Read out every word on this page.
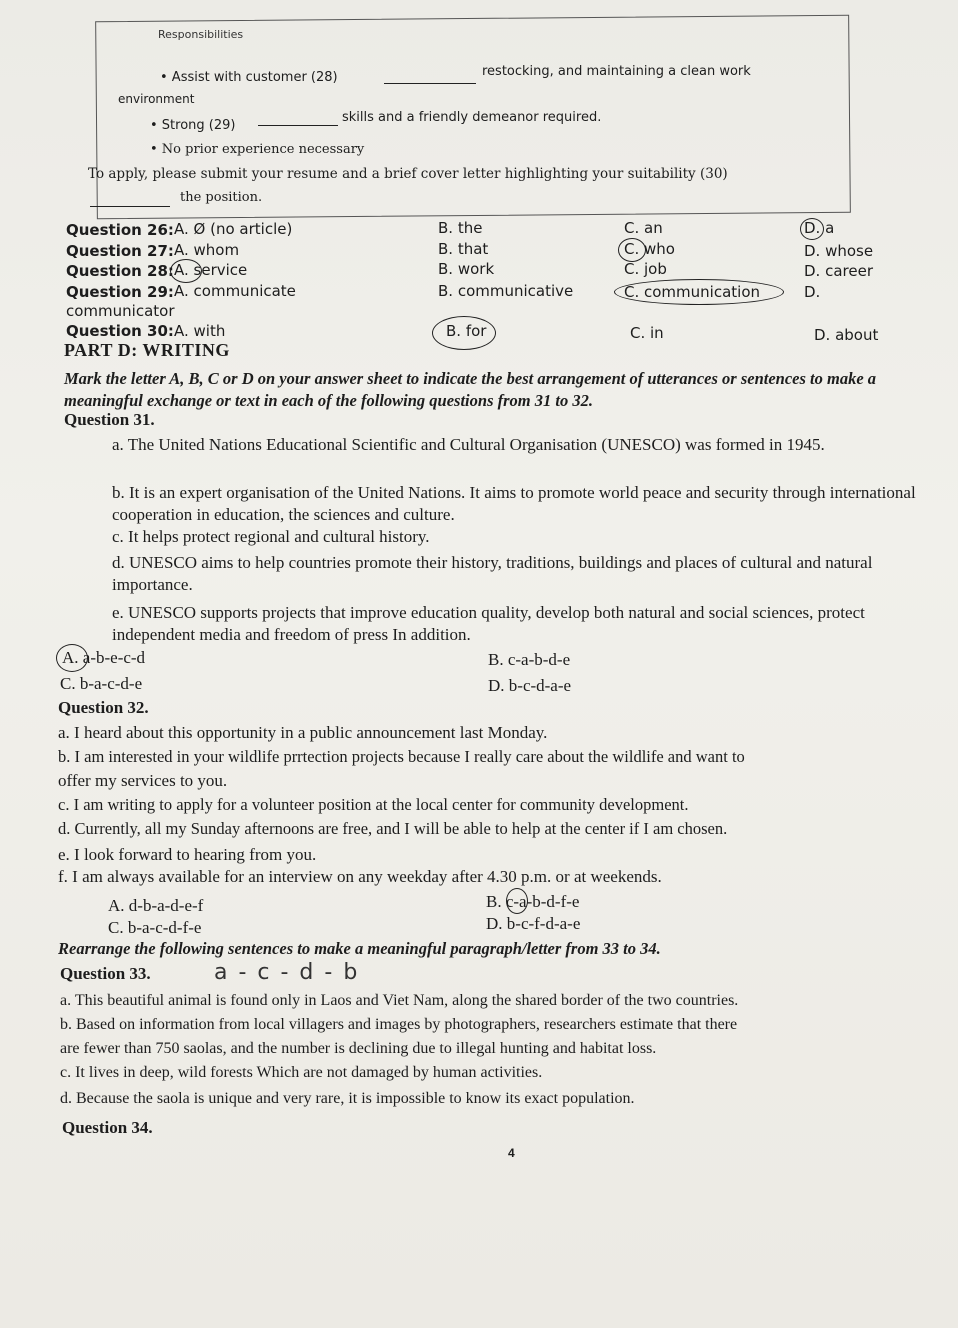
Responsibilities
• Assist with customer (28)	restocking, and maintaining a clean work
environment
• Strong (29)
skills and a friendly demeanor required.
• No prior experience necessary
To apply, please submit your resume and a brief cover letter highlighting your suitability (30)
the position.
Question 26: A. Ø (no article)	B. the	C. an	D. a
Question 27: A. whom	B. that	C. who	D. whose
Question 28: A. service	B. work	C. job	D. career
Question 29: A. communicate	B. communicative	C. communication	D.
communicator
Question 30: A. with	B. for	C. in	D. about
PART D: WRITING
Mark the letter A, B, C or D on your answer sheet to indicate the best arrangement of utterances or sentences to make a meaningful exchange or text in each of the following questions from 31 to 32.
Question 31.
a. The United Nations Educational Scientific and Cultural Organisation (UNESCO) was formed in 1945.
b. It is an expert organisation of the United Nations. It aims to promote world peace and security through international cooperation in education, the sciences and culture.
c. It helps protect regional and cultural history.
d. UNESCO aims to help countries promote their history, traditions, buildings and places of cultural and natural importance.
e. UNESCO supports projects that improve education quality, develop both natural and social sciences, protect independent media and freedom of press In addition.
A. a-b-e-c-d	B. c-a-b-d-e
C. b-a-c-d-e	D. b-c-d-a-e
Question 32.
a. I heard about this opportunity in a public announcement last Monday.
b. I am interested in your wildlife prrtection projects because I really care about the wildlife and want to
offer my services to you.
c. I am writing to apply for a volunteer position at the local center for community development.
d. Currently, all my Sunday afternoons are free, and I will be able to help at the center if I am chosen.
e. I look forward to hearing from you.
f. I am always available for an interview on any weekday after 4.30 p.m. or at weekends.
A. d-b-a-d-e-f	B. c-a-b-d-f-e
C. b-a-c-d-f-e	D. b-c-f-d-a-e
Rearrange the following sentences to make a meaningful paragraph/letter from 33 to 34.
Question 33.	a - c - d - b
a. This beautiful animal is found only in Laos and Viet Nam, along the shared border of the two countries.
b. Based on information from local villagers and images by photographers, researchers estimate that there
are fewer than 750 saolas, and the number is declining due to illegal hunting and habitat loss.
c. It lives in deep, wild forests Which are not damaged by human activities.
d. Because the saola is unique and very rare, it is impossible to know its exact population.
Question 34.
4
